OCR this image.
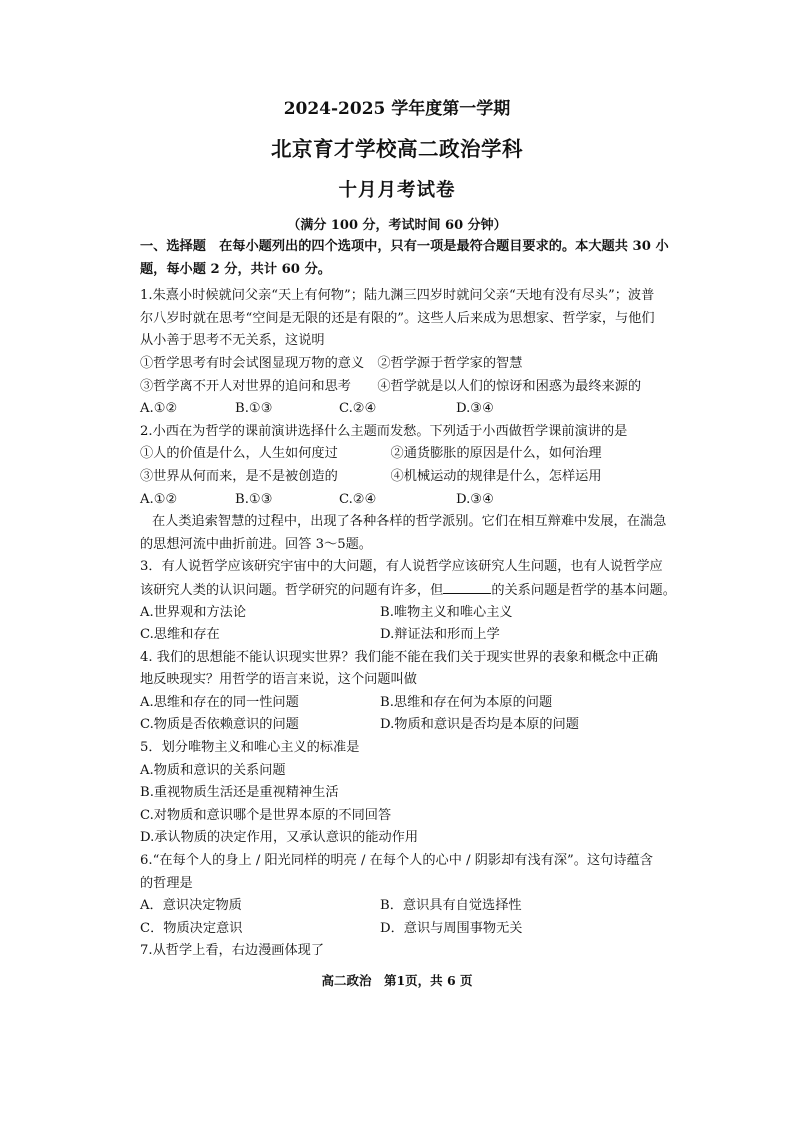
2024-2025 学年度第一学期
北京育才学校高二政治学科
十月月考试卷
（满分 100 分，考试时间 60 分钟）
一、选择题　在每小题列出的四个选项中，只有一项是最符合题目要求的。本大题共 30 小
题，每小题 2 分，共计 60 分。
1.朱熹小时候就问父亲“天上有何物”；陆九渊三四岁时就问父亲“天地有没有尽头”；波普
尔八岁时就在思考“空间是无限的还是有限的”。这些人后来成为思想家、哲学家，与他们
从小善于思考不无关系，这说明
①哲学思考有时会试图显现万物的意义　②哲学源于哲学家的智慧
③哲学离不开人对世界的追问和思考　　④哲学就是以人们的惊讶和困惑为最终来源的
A.①②	B.①③	C.②④	D.③④
2.小西在为哲学的课前演讲选择什么主题而发愁。下列适于小西做哲学课前演讲的是
①人的价值是什么，人生如何度过　　　　②通货膨胀的原因是什么，如何治理
③世界从何而来，是不是被创造的　　　　④机械运动的规律是什么，怎样运用
A.①②	B.①③	C.②④	D.③④
在人类追索智慧的过程中，出现了各种各样的哲学派别。它们在相互辩难中发展，在湍急
的思想河流中曲折前进。回答 3～5题。
3．有人说哲学应该研究宇宙中的大问题，有人说哲学应该研究人生问题，也有人说哲学应
该研究人类的认识问题。哲学研究的问题有许多，但	的关系问题是哲学的基本问题。
A.世界观和方法论	B.唯物主义和唯心主义
C.思维和存在	D.辩证法和形而上学
4. 我们的思想能不能认识现实世界？我们能不能在我们关于现实世界的表象和概念中正确
地反映现实？用哲学的语言来说，这个问题叫做
A.思维和存在的同一性问题	B.思维和存在何为本原的问题
C.物质是否依赖意识的问题	D.物质和意识是否均是本原的问题
5．划分唯物主义和唯心主义的标准是
A.物质和意识的关系问题
B.重视物质生活还是重视精神生活
C.对物质和意识哪个是世界本原的不同回答
D.承认物质的决定作用，又承认意识的能动作用
6.“在每个人的身上 / 阳光同样的明亮 / 在每个人的心中 / 阴影却有浅有深”。这句诗蕴含
的哲理是
A．意识决定物质	B．意识具有自觉选择性
C．物质决定意识	D．意识与周围事物无关
7.从哲学上看，右边漫画体现了
高二政治　第1页，共 6 页
